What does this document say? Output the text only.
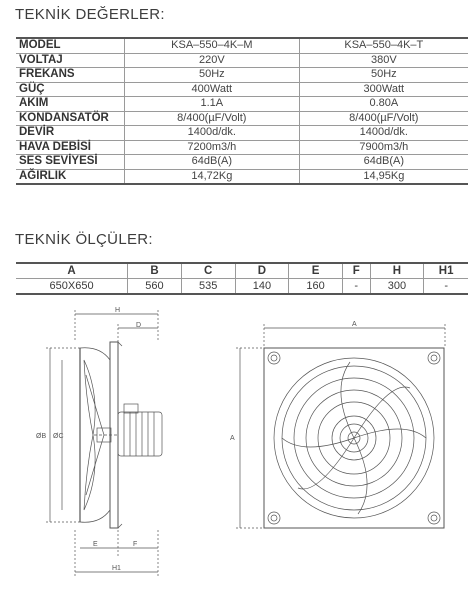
TEKNİK DEĞERLER:
MODEL	KSA–550–4K–M	KSA–550–4K–T
VOLTAJ	220V	380V
FREKANS	50Hz	50Hz
GÜÇ	400Watt	300Watt
AKIM	1.1A	0.80A
KONDANSATÖR	8/400(µF/Volt)	8/400(µF/Volt)
DEVİR	1400d/dk.	1400d/dk.
HAVA DEBİSİ	7200m3/h	7900m3/h
SES SEVİYESİ	64dB(A)	64dB(A)
AĞIRLIK	14,72Kg	14,95Kg
TEKNİK ÖLÇÜLER:
A	B	C	D	E	F	H	H1
650X650	560	535	140	160	-	300	-
H
D
ØB ØC
E	F
H1
A
A
